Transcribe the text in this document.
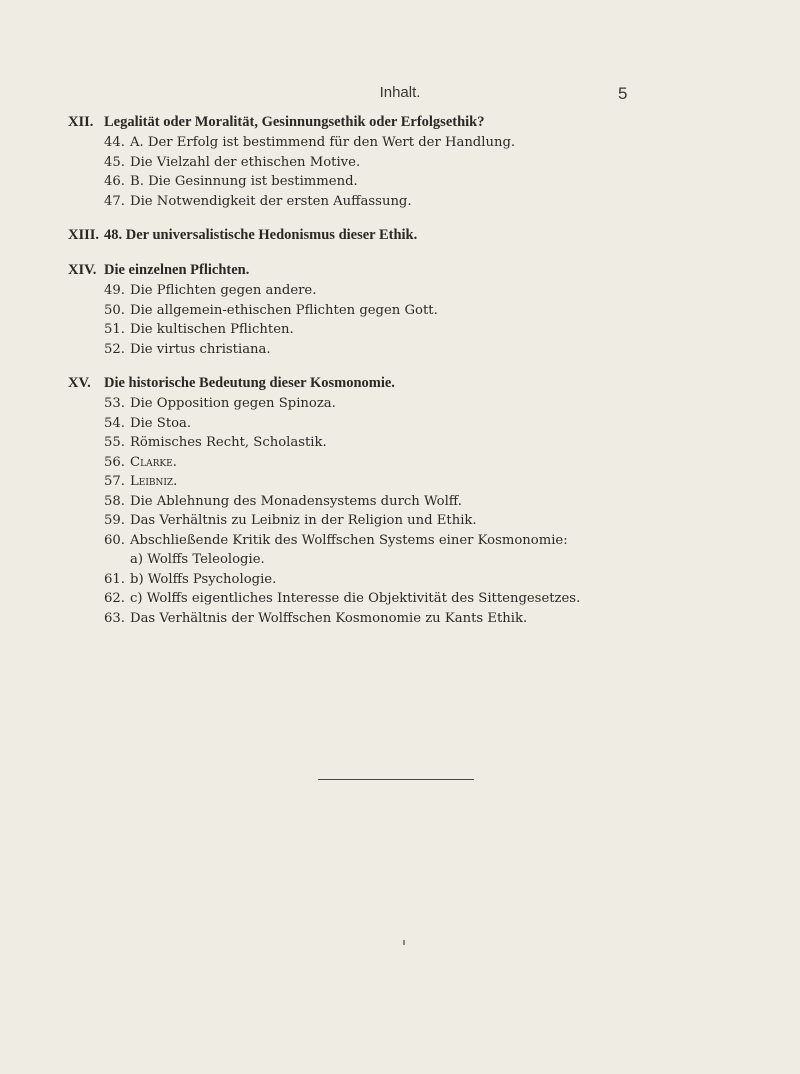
Inhalt.	5
XII. Legalität oder Moralität, Gesinnungsethik oder Erfolgsethik?
44. A. Der Erfolg ist bestimmend für den Wert der Handlung.
45. Die Vielzahl der ethischen Motive.
46. B. Die Gesinnung ist bestimmend.
47. Die Notwendigkeit der ersten Auffassung.
XIII. 48. Der universalistische Hedonismus dieser Ethik.
XIV. Die einzelnen Pflichten.
49. Die Pflichten gegen andere.
50. Die allgemein-ethischen Pflichten gegen Gott.
51. Die kultischen Pflichten.
52. Die virtus christiana.
XV. Die historische Bedeutung dieser Kosmonomie.
53. Die Opposition gegen Spinoza.
54. Die Stoa.
55. Römisches Recht, Scholastik.
56. Clarke.
57. Leibniz.
58. Die Ablehnung des Monadensystems durch Wolff.
59. Das Verhältnis zu Leibniz in der Religion und Ethik.
60. Abschließende Kritik des Wolffschen Systems einer Kosmonomie:
a) Wolffs Teleologie.
61. b) Wolffs Psychologie.
62. c) Wolffs eigentliches Interesse die Objektivität des Sittengesetzes.
63. Das Verhältnis der Wolffschen Kosmonomie zu Kants Ethik.
